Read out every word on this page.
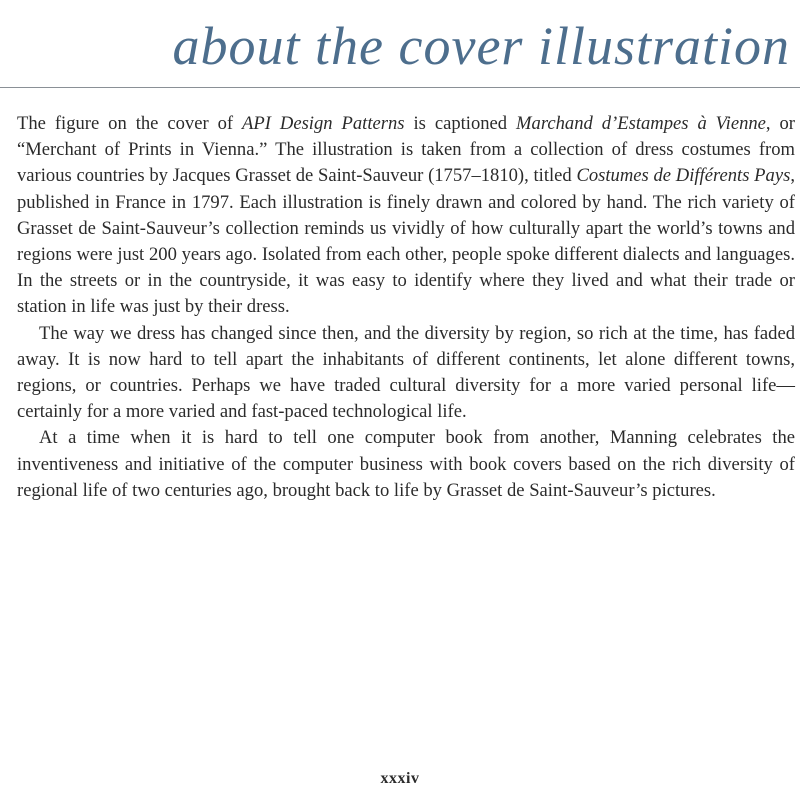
about the cover illustration

The figure on the cover of API Design Patterns is captioned Marchand d’Estampes à Vienne, or “Merchant of Prints in Vienna.” The illustration is taken from a collection of dress costumes from various countries by Jacques Grasset de Saint-Sauveur (1757–1810), titled Costumes de Différents Pays, published in France in 1797. Each illustration is finely drawn and colored by hand. The rich variety of Grasset de Saint-Sauveur’s collection reminds us vividly of how culturally apart the world’s towns and regions were just 200 years ago. Isolated from each other, people spoke different dialects and languages. In the streets or in the countryside, it was easy to identify where they lived and what their trade or station in life was just by their dress.

The way we dress has changed since then, and the diversity by region, so rich at the time, has faded away. It is now hard to tell apart the inhabitants of different continents, let alone different towns, regions, or countries. Perhaps we have traded cultural diversity for a more varied personal life—certainly for a more varied and fast-paced technological life.

At a time when it is hard to tell one computer book from another, Manning celebrates the inventiveness and initiative of the computer business with book covers based on the rich diversity of regional life of two centuries ago, brought back to life by Grasset de Saint-Sauveur’s pictures.

xxxiv
